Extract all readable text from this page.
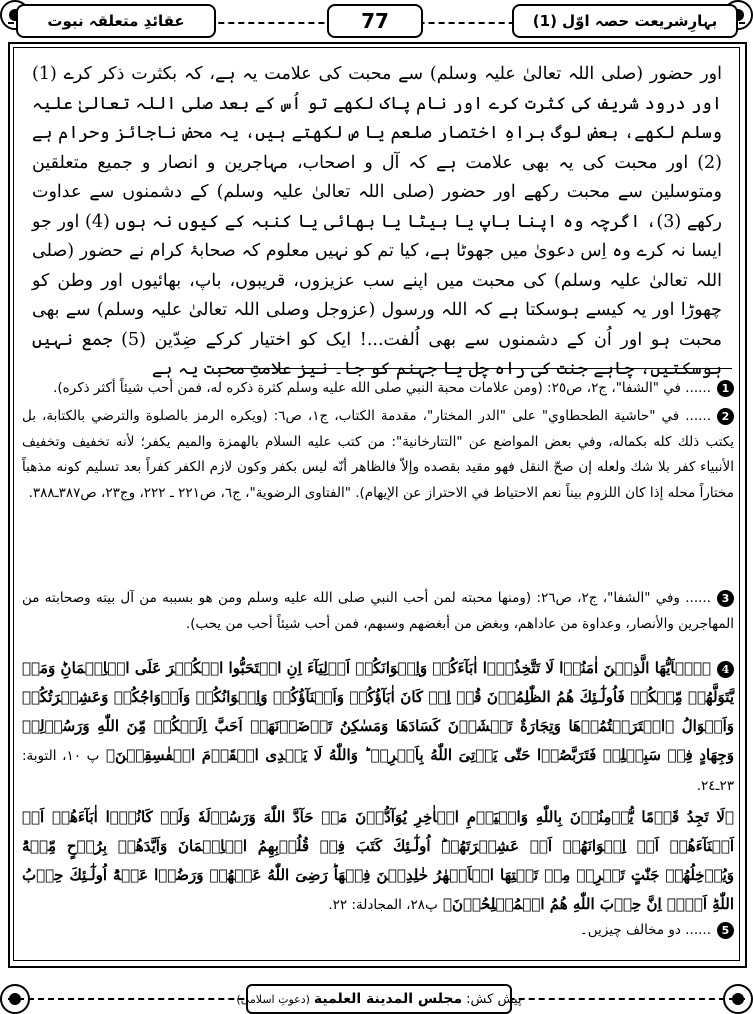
بہارِشریعت حصہ اوّل (1)
77
عقائدِ متعلقہ نبوت

اور حضور (صلی اللہ تعالیٰ علیہ وسلم) سے محبت کی علامت یہ ہے، کہ بکثرت ذکر کرے (1) اور درود شریف کی کثرت کرے اور نام پاک لکھے تو اُس کے بعد صلی اللہ تعالیٰ علیہ وسلم لکھے، بعض لوگ براہِ اختصار صلعم یا ص لکھتے ہیں، یہ محض ناجائز وحرام ہے (2) اور محبت کی یہ بھی علامت ہے کہ آل و اصحاب، مہاجرین و انصار و جمیع متعلقین ومتوسلین سے محبت رکھے اور حضور (صلی اللہ تعالیٰ علیہ وسلم) کے دشمنوں سے عداوت رکھے (3)، اگرچہ وہ اپنا باپ یا بیٹا یا بھائی یا کنبہ کے کیوں نہ ہوں (4) اور جو ایسا نہ کرے وہ اِس دعویٰ میں جھوٹا ہے، کیا تم کو نہیں معلوم کہ صحابۂ کرام نے حضور (صلی اللہ تعالیٰ علیہ وسلم) کی محبت میں اپنے سب عزیزوں، قریبوں، باپ، بھائیوں اور وطن کو چھوڑا اور یہ کیسے ہوسکتا ہے کہ اللہ ورسول (عزوجل وصلی اللہ تعالیٰ علیہ وسلم) سے بھی محبت ہو اور اُن کے دشمنوں سے بھی اُلفت...! ایک کو اختیار کرکے ضِدّین (5) جمع نہیں ہوسکتیں، چاہے جنت کی راہ چل یا جہنم کو جا۔ نیز علامتِ محبت یہ ہے

1...... في "الشفا"، ج٢، ص٢٥: (ومن علامات محبة النبي صلى الله عليه وسلم كثرة ذكره له، فمن أحب شيئاً أكثر ذكره).
2...... في "حاشية الطحطاوي" على "الدر المختار"، مقدمة الكتاب، ج١، ص٦: (ويكره الرمز بالصلوة والترضي بالكتابة، بل يكتب ذلك كله بكماله، وفي بعض المواضع عن "التتارخانية": من كتب عليه السلام بالهمزة والميم يكفر؛ لأنه تخفيف وتخفيف الأنبياء كفر بلا شك ولعله إن صحّ النقل فهو مقيد بقصده وإلاّ فالظاهر أنّه ليس بكفر وكون لازم الكفر كفراً بعد تسليم كونه مذهباً مختاراً محله إذا كان اللزوم بيناً نعم الاحتياط في الاحتراز عن الإيهام). "الفتاوى الرضوية"، ج٦، ص٢٢١ ـ ٢٢٢، وج٢٣، ص٣٨٧ـ٣٨٨.
3...... وفي "الشفا"، ج٢، ص٢٦: (ومنها محبته لمن أحب النبي صلى الله عليه وسلم ومن هو بسببه من آل بيته وصحابته من المهاجرين والأنصار، وعداوة من عاداهم، وبغض من أبغضهم وسبهم، فمن أحب شيئاً أحب من يحب).
4﴿يٰۤاَيُّهَا الَّذِيۡنَ اٰمَنُوۡا لَا تَتَّخِذُوۡۤا اٰبَآءَكُمۡ وَاِخۡوَانَكُمۡ اَوۡلِيَآءَ اِنِ اسۡتَحَبُّوا الۡكُفۡرَ عَلَى الۡاِيۡمَانِ‌ؕ وَمَنۡ يَّتَوَلَّهُمۡ مِّنۡكُمۡ فَاُولٰٓـئِكَ هُمُ الظّٰلِمُوۡنَ قُلۡ اِنۡ كَانَ اٰبَآؤُكُمۡ وَاَبۡنَآؤُكُمۡ وَاِخۡوَانُكُمۡ وَاَزۡوَاجُكُمۡ وَعَشِيۡرَتُكُمۡ وَاَمۡوَالُ ۨاقۡتَرَفۡتُمُوۡهَا وَتِجَارَةٌ تَخۡشَوۡنَ كَسَادَهَا وَمَسٰكِنُ تَرۡضَوۡنَهَاۤ اَحَبَّ اِلَيۡكُمۡ مِّنَ اللّٰهِ وَرَسُوۡلِهٖ وَجِهَادٍ فِىۡ سَبِيۡلِهٖ فَتَرَبَّصُوۡا حَتّٰى يَاۡتِىَ اللّٰهُ بِاَمۡرِهٖ‌ ؕ وَاللّٰهُ لَا يَهۡدِى الۡقَوۡمَ الۡفٰسِقِيۡنَ﴾ پ ١٠، التوبة: ٢٣ـ٢٤.
﴿لَا تَجِدُ قَوۡمًا يُّؤۡمِنُوۡنَ بِاللّٰهِ وَالۡيَوۡمِ الۡاٰخِرِ يُوَآدُّوۡنَ مَنۡ حَآدَّ اللّٰهَ وَرَسُوۡلَهٗ وَلَوۡ كَانُوۡۤا اٰبَآءَهُمۡ اَوۡ اَبۡنَآءَهُمۡ اَوۡ اِخۡوَانَهُمۡ اَوۡ عَشِيۡرَتَهُمۡ‌ؕ اُولٰٓـئِكَ كَتَبَ فِىۡ قُلُوۡبِهِمُ الۡاِيۡمَانَ وَاَيَّدَهُمۡ بِرُوۡحٍ مِّنۡهُ‌ؕ وَيُدۡخِلُهُمۡ جَنّٰتٍ تَجۡرِىۡ مِنۡ تَحۡتِهَا الۡاَنۡهٰرُ خٰلِدِيۡنَ فِيۡهَا‌ؕ رَضِىَ اللّٰهُ عَنۡهُمۡ وَرَضُوۡا عَنۡهُ‌ؕ اُولٰٓـئِكَ حِزۡبُ اللّٰهِ‌ؕ اَلَاۤ اِنَّ حِزۡبَ اللّٰهِ هُمُ الۡمُفۡلِحُوۡنَ﴾ پ٢٨، المجادلة: ٢٢.
5...... دو مخالف چیزیں۔
پیش کش:
مجلس المدينة العلمية
(دعوتِ اسلامی)
